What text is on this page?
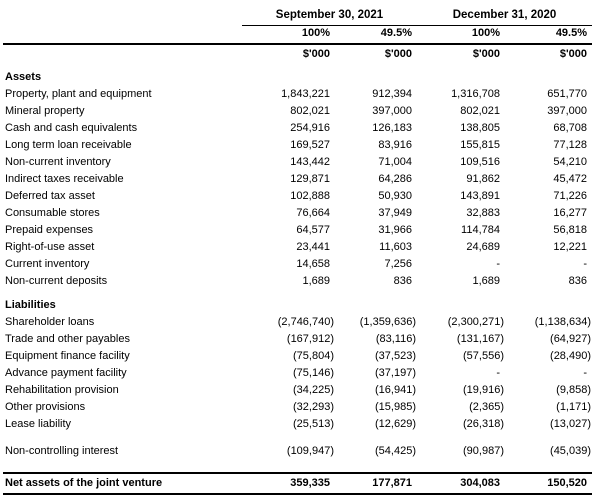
	September 30, 2021		December 31, 2020	
	100%	49.5%	100%	49.5%
	$'000	$'000	$'000	$'000
Assets				
Property, plant and equipment	1,843,221	912,394	1,316,708	651,770
Mineral property	802,021	397,000	802,021	397,000
Cash and cash equivalents	254,916	126,183	138,805	68,708
Long term loan receivable	169,527	83,916	155,815	77,128
Non-current inventory	143,442	71,004	109,516	54,210
Indirect taxes receivable	129,871	64,286	91,862	45,472
Deferred tax asset	102,888	50,930	143,891	71,226
Consumable stores	76,664	37,949	32,883	16,277
Prepaid expenses	64,577	31,966	114,784	56,818
Right-of-use asset	23,441	11,603	24,689	12,221
Current inventory	14,658	7,256	-	-
Non-current deposits	1,689	836	1,689	836
Liabilities				
Shareholder loans	(2,746,740)	(1,359,636)	(2,300,271)	(1,138,634)
Trade and other payables	(167,912)	(83,116)	(131,167)	(64,927)
Equipment finance facility	(75,804)	(37,523)	(57,556)	(28,490)
Advance payment facility	(75,146)	(37,197)	-	-
Rehabilitation provision	(34,225)	(16,941)	(19,916)	(9,858)
Other provisions	(32,293)	(15,985)	(2,365)	(1,171)
Lease liability	(25,513)	(12,629)	(26,318)	(13,027)

Non-controlling interest	(109,947)	(54,425)	(90,987)	(45,039)

Net assets of the joint venture	359,335	177,871	304,083	150,520
